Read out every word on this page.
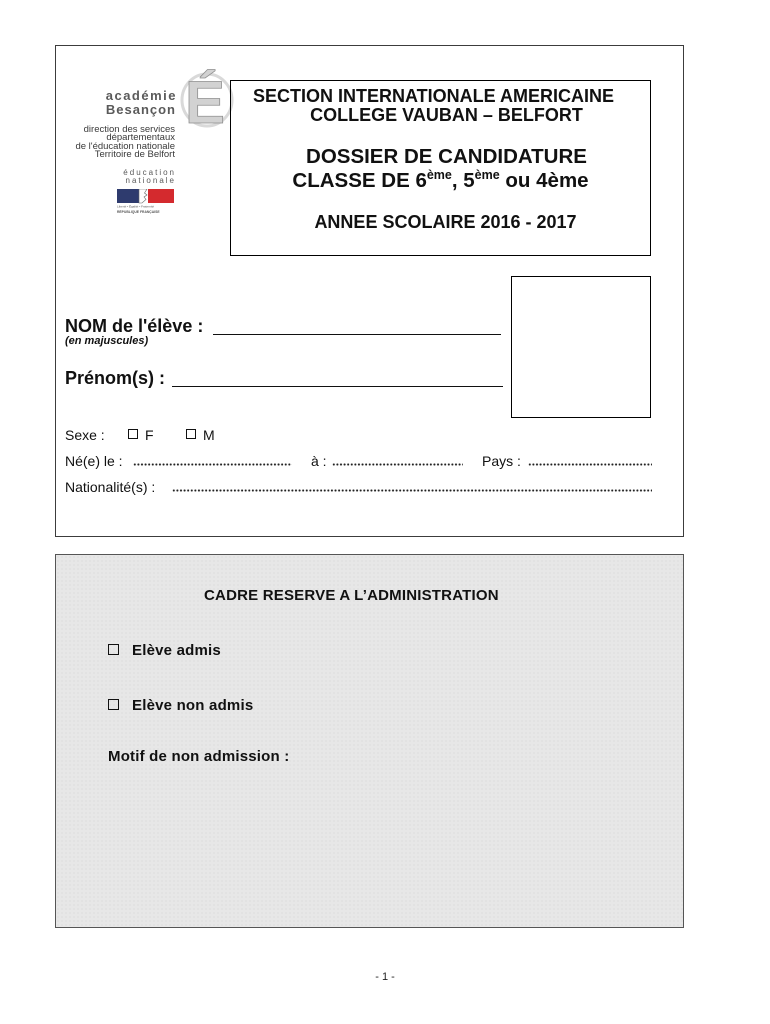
académie
Besançon É
direction des services
départementaux
de l'éducation nationale
Territoire de Belfort
éducation
nationale
Liberté • Égalité • Fraternité
RÉPUBLIQUE FRANÇAISE
SECTION INTERNATIONALE AMERICAINE
COLLEGE VAUBAN – BELFORT
DOSSIER DE CANDIDATURE
CLASSE DE 6ème, 5ème ou 4ème
ANNEE SCOLAIRE 2016 - 2017
NOM de l'élève :
(en majuscules)
Prénom(s) :
Sexe :	F	M
Né(e) le :	à :	Pays :
Nationalité(s) :
CADRE RESERVE A L’ADMINISTRATION
Elève admis
Elève non admis
Motif de non admission :
- 1 -
